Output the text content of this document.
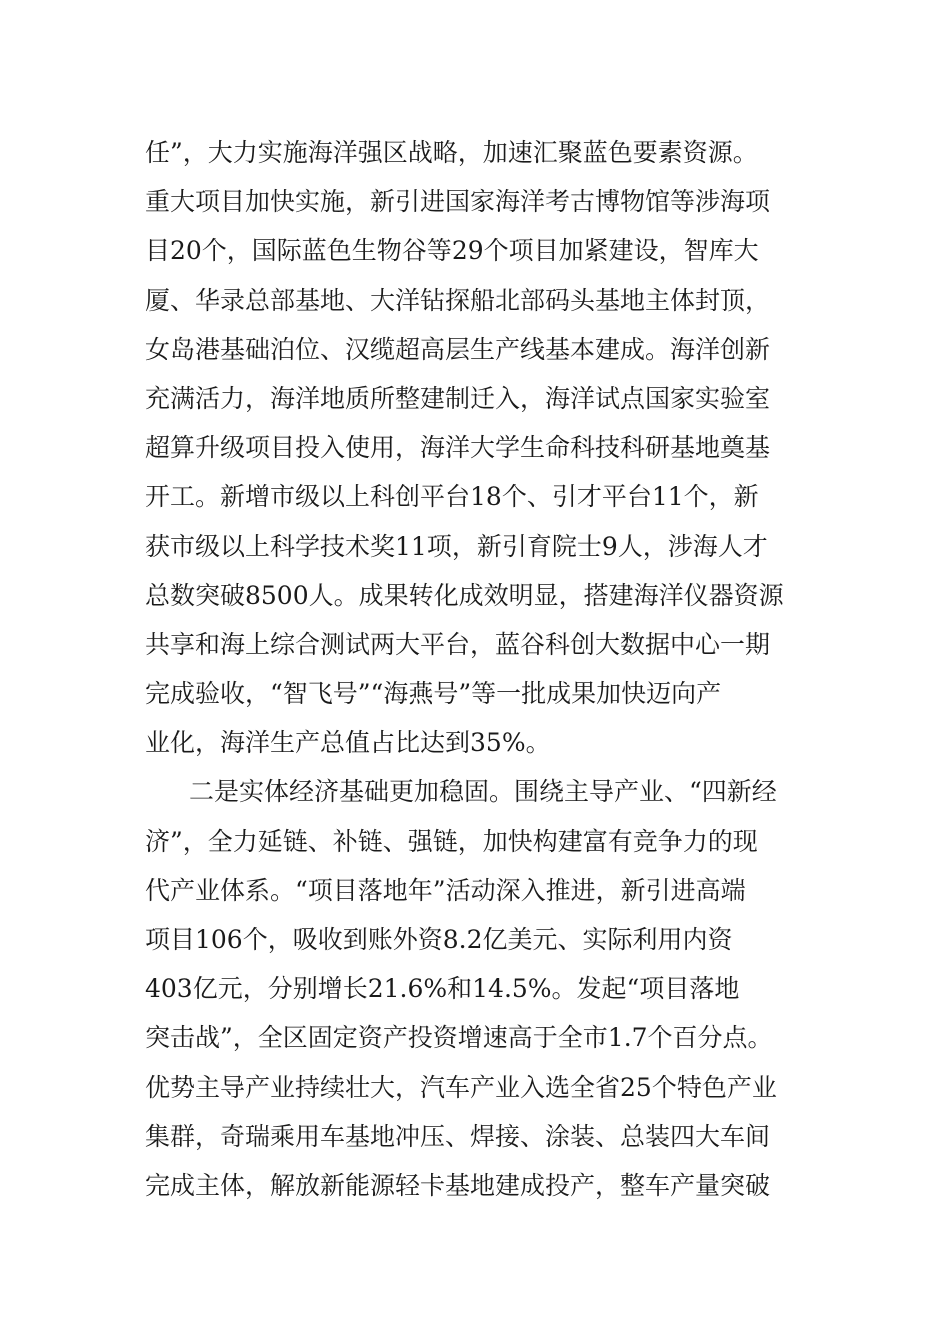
任”，大力实施海洋强区战略，加速汇聚蓝色要素资源。
重大项目加快实施，新引进国家海洋考古博物馆等涉海项
目20个，国际蓝色生物谷等29个项目加紧建设，智库大
厦、华录总部基地、大洋钻探船北部码头基地主体封顶，
女岛港基础泊位、汉缆超高层生产线基本建成。海洋创新
充满活力，海洋地质所整建制迁入，海洋试点国家实验室
超算升级项目投入使用，海洋大学生命科技科研基地奠基
开工。新增市级以上科创平台18个、引才平台11个，新
获市级以上科学技术奖11项，新引育院士9人，涉海人才
总数突破8500人。成果转化成效明显，搭建海洋仪器资源
共享和海上综合测试两大平台，蓝谷科创大数据中心一期
完成验收，“智飞号”“海燕号”等一批成果加快迈向产
业化，海洋生产总值占比达到35%。
二是实体经济基础更加稳固。围绕主导产业、“四新经
济”，全力延链、补链、强链，加快构建富有竞争力的现
代产业体系。“项目落地年”活动深入推进，新引进高端
项目106个，吸收到账外资8.2亿美元、实际利用内资
403亿元，分别增长21.6%和14.5%。发起“项目落地
突击战”，全区固定资产投资增速高于全市1.7个百分点。
优势主导产业持续壮大，汽车产业入选全省25个特色产业
集群，奇瑞乘用车基地冲压、焊接、涂装、总装四大车间
完成主体，解放新能源轻卡基地建成投产，整车产量突破
